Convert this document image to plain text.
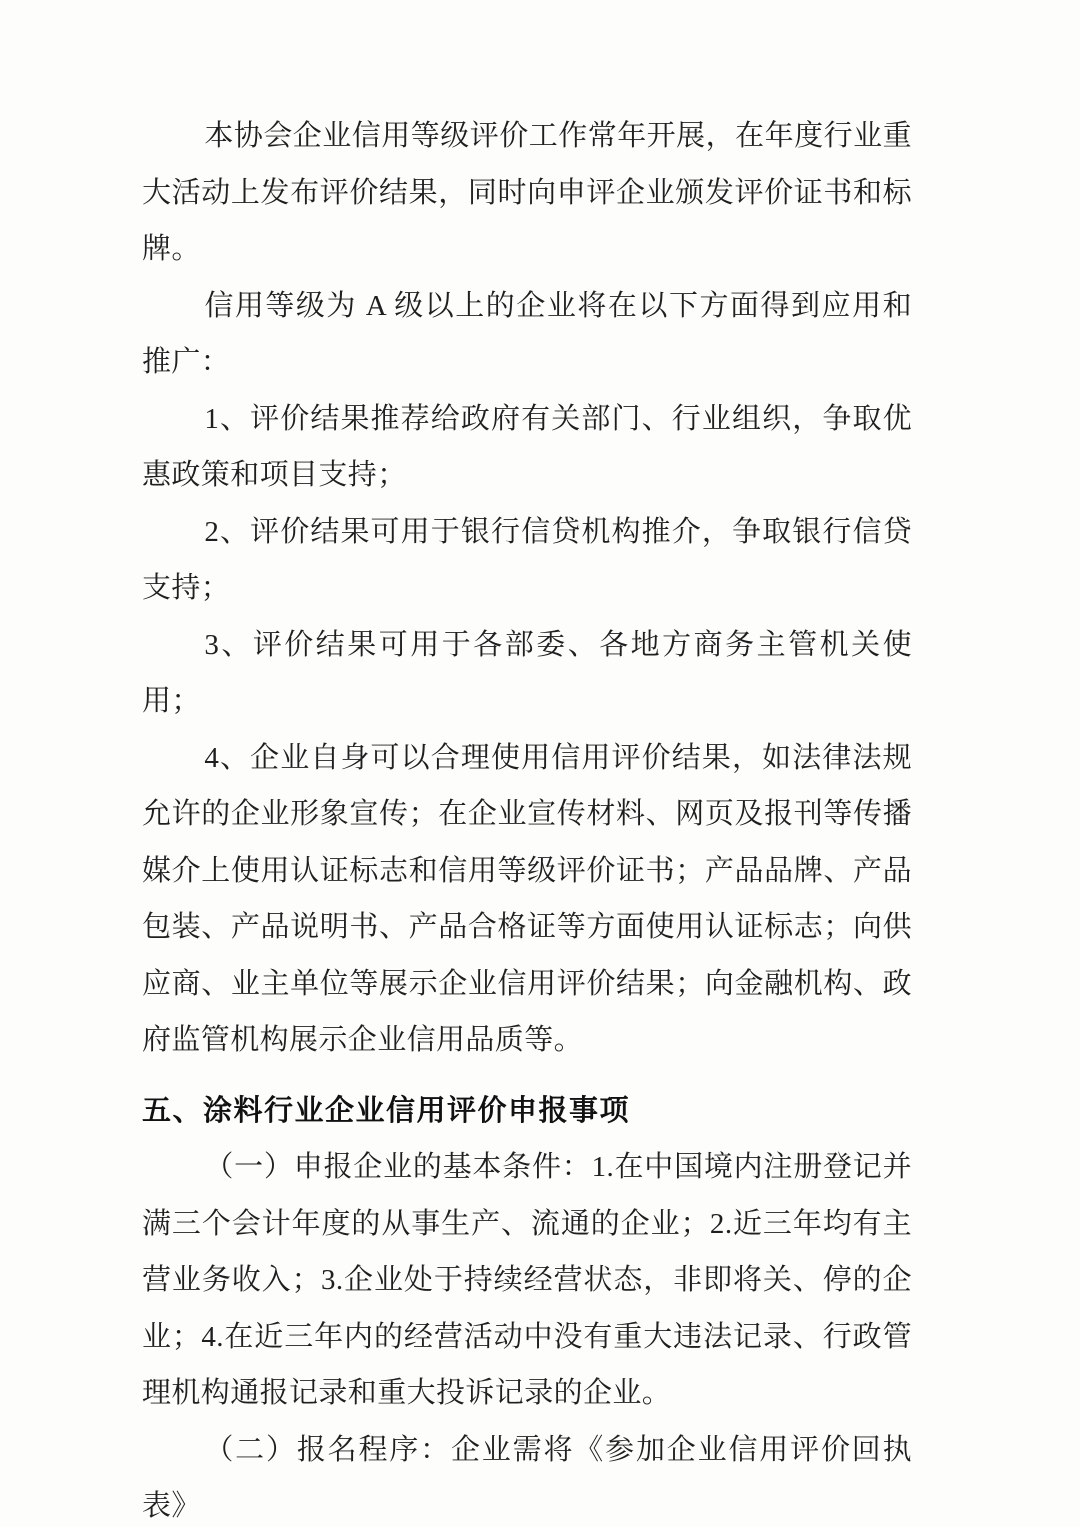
本协会企业信用等级评价工作常年开展，在年度行业重大活动上发布评价结果，同时向申评企业颁发评价证书和标牌。

信用等级为 A 级以上的企业将在以下方面得到应用和推广：

1、评价结果推荐给政府有关部门、行业组织，争取优惠政策和项目支持；

2、评价结果可用于银行信贷机构推介，争取银行信贷支持；

3、评价结果可用于各部委、各地方商务主管机关使用；

4、企业自身可以合理使用信用评价结果，如法律法规允许的企业形象宣传；在企业宣传材料、网页及报刊等传播媒介上使用认证标志和信用等级评价证书；产品品牌、产品包装、产品说明书、产品合格证等方面使用认证标志；向供应商、业主单位等展示企业信用评价结果；向金融机构、政府监管机构展示企业信用品质等。

五、涂料行业企业信用评价申报事项

（一）申报企业的基本条件：1.在中国境内注册登记并满三个会计年度的从事生产、流通的企业；2.近三年均有主营业务收入；3.企业处于持续经营状态，非即将关、停的企业；4.在近三年内的经营活动中没有重大违法记录、行政管理机构通报记录和重大投诉记录的企业。

（二）报名程序：企业需将《参加企业信用评价回执表》
